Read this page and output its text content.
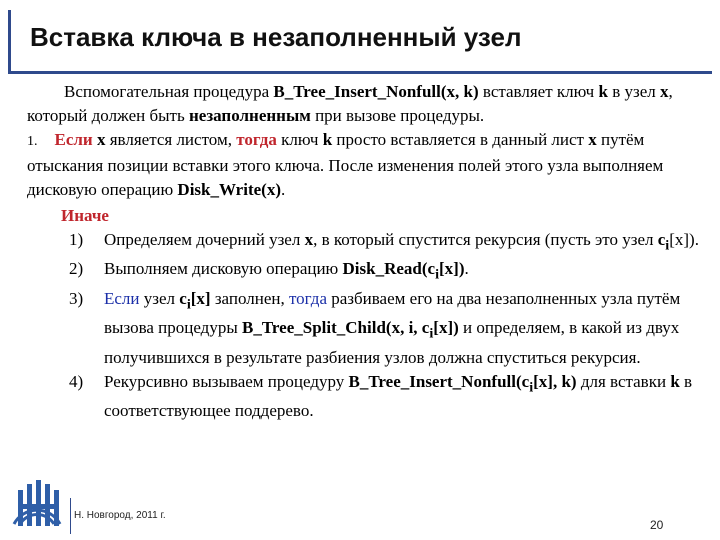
Вставка ключа в незаполненный узел

Вспомогательная процедура B_Tree_Insert_Nonfull(x, k) вставляет ключ k в узел x, который должен быть незаполненным при вызове процедуры.

1. Если x является листом, тогда ключ k просто вставляется в данный лист x путём отыскания позиции вставки этого ключа. После изменения полей этого узла выполняем дисковую операцию Disk_Write(x).

Иначе

1) Определяем дочерний узел x, в который спустится рекурсия (пусть это узел $c_i[x]$).
2) Выполняем дисковую операцию $Disk\_Read(c_i[x])$.
3) Если узел $c_i[x]$ заполнен, тогда разбиваем его на два незаполненных узла путём вызова процедуры B_Tree_Split_Child(x, i, $c_i[x]$) и определяем, в какой из двух получившихся в результате разбиения узлов должна спуститься рекурсия.
4) Рекурсивно вызываем процедуру $B\_Tree\_Insert\_Nonfull(c_i[x]$, k) для вставки k в соответствующее поддерево.
Н. Новгород, 2011 г.
20
